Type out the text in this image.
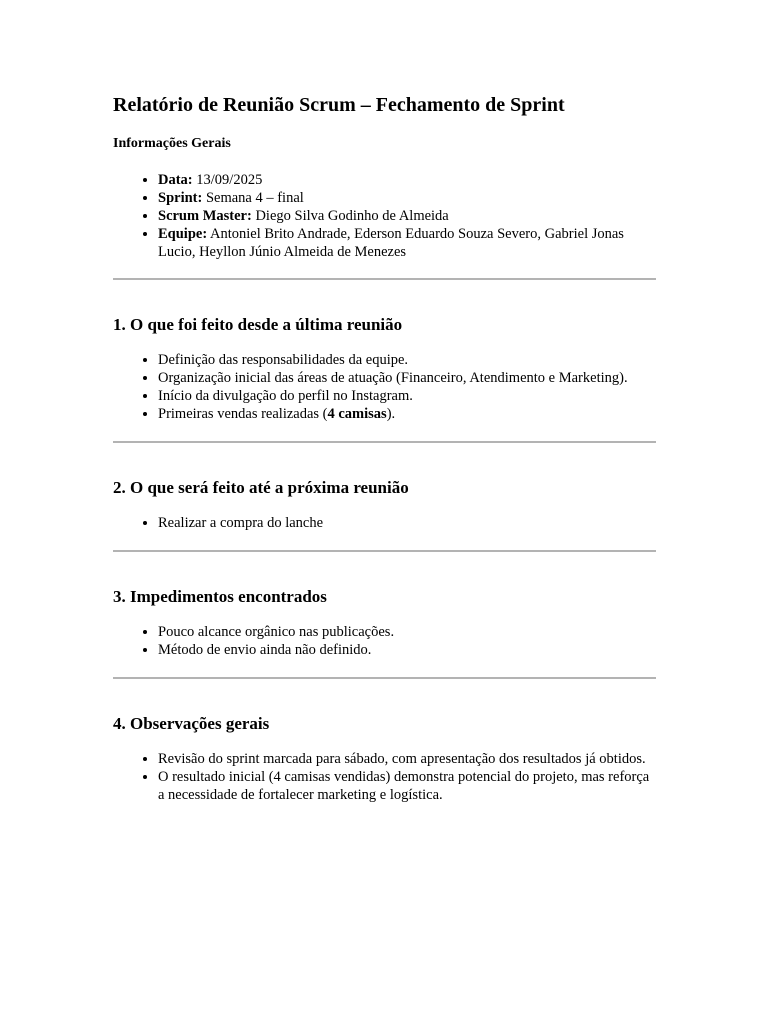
Relatório de Reunião Scrum – Fechamento de Sprint
Informações Gerais
• Data: 13/09/2025
• Sprint: Semana 4 – final
• Scrum Master: Diego Silva Godinho de Almeida
• Equipe: Antoniel Brito Andrade, Ederson Eduardo Souza Severo, Gabriel Jonas Lucio, Heyllon Júnio Almeida de Menezes
1. O que foi feito desde a última reunião
• Definição das responsabilidades da equipe.
• Organização inicial das áreas de atuação (Financeiro, Atendimento e Marketing).
• Início da divulgação do perfil no Instagram.
• Primeiras vendas realizadas (4 camisas).
2. O que será feito até a próxima reunião
• Realizar a compra do lanche
3. Impedimentos encontrados
• Pouco alcance orgânico nas publicações.
• Método de envio ainda não definido.
4. Observações gerais
• Revisão do sprint marcada para sábado, com apresentação dos resultados já obtidos.
• O resultado inicial (4 camisas vendidas) demonstra potencial do projeto, mas reforça a necessidade de fortalecer marketing e logística.
